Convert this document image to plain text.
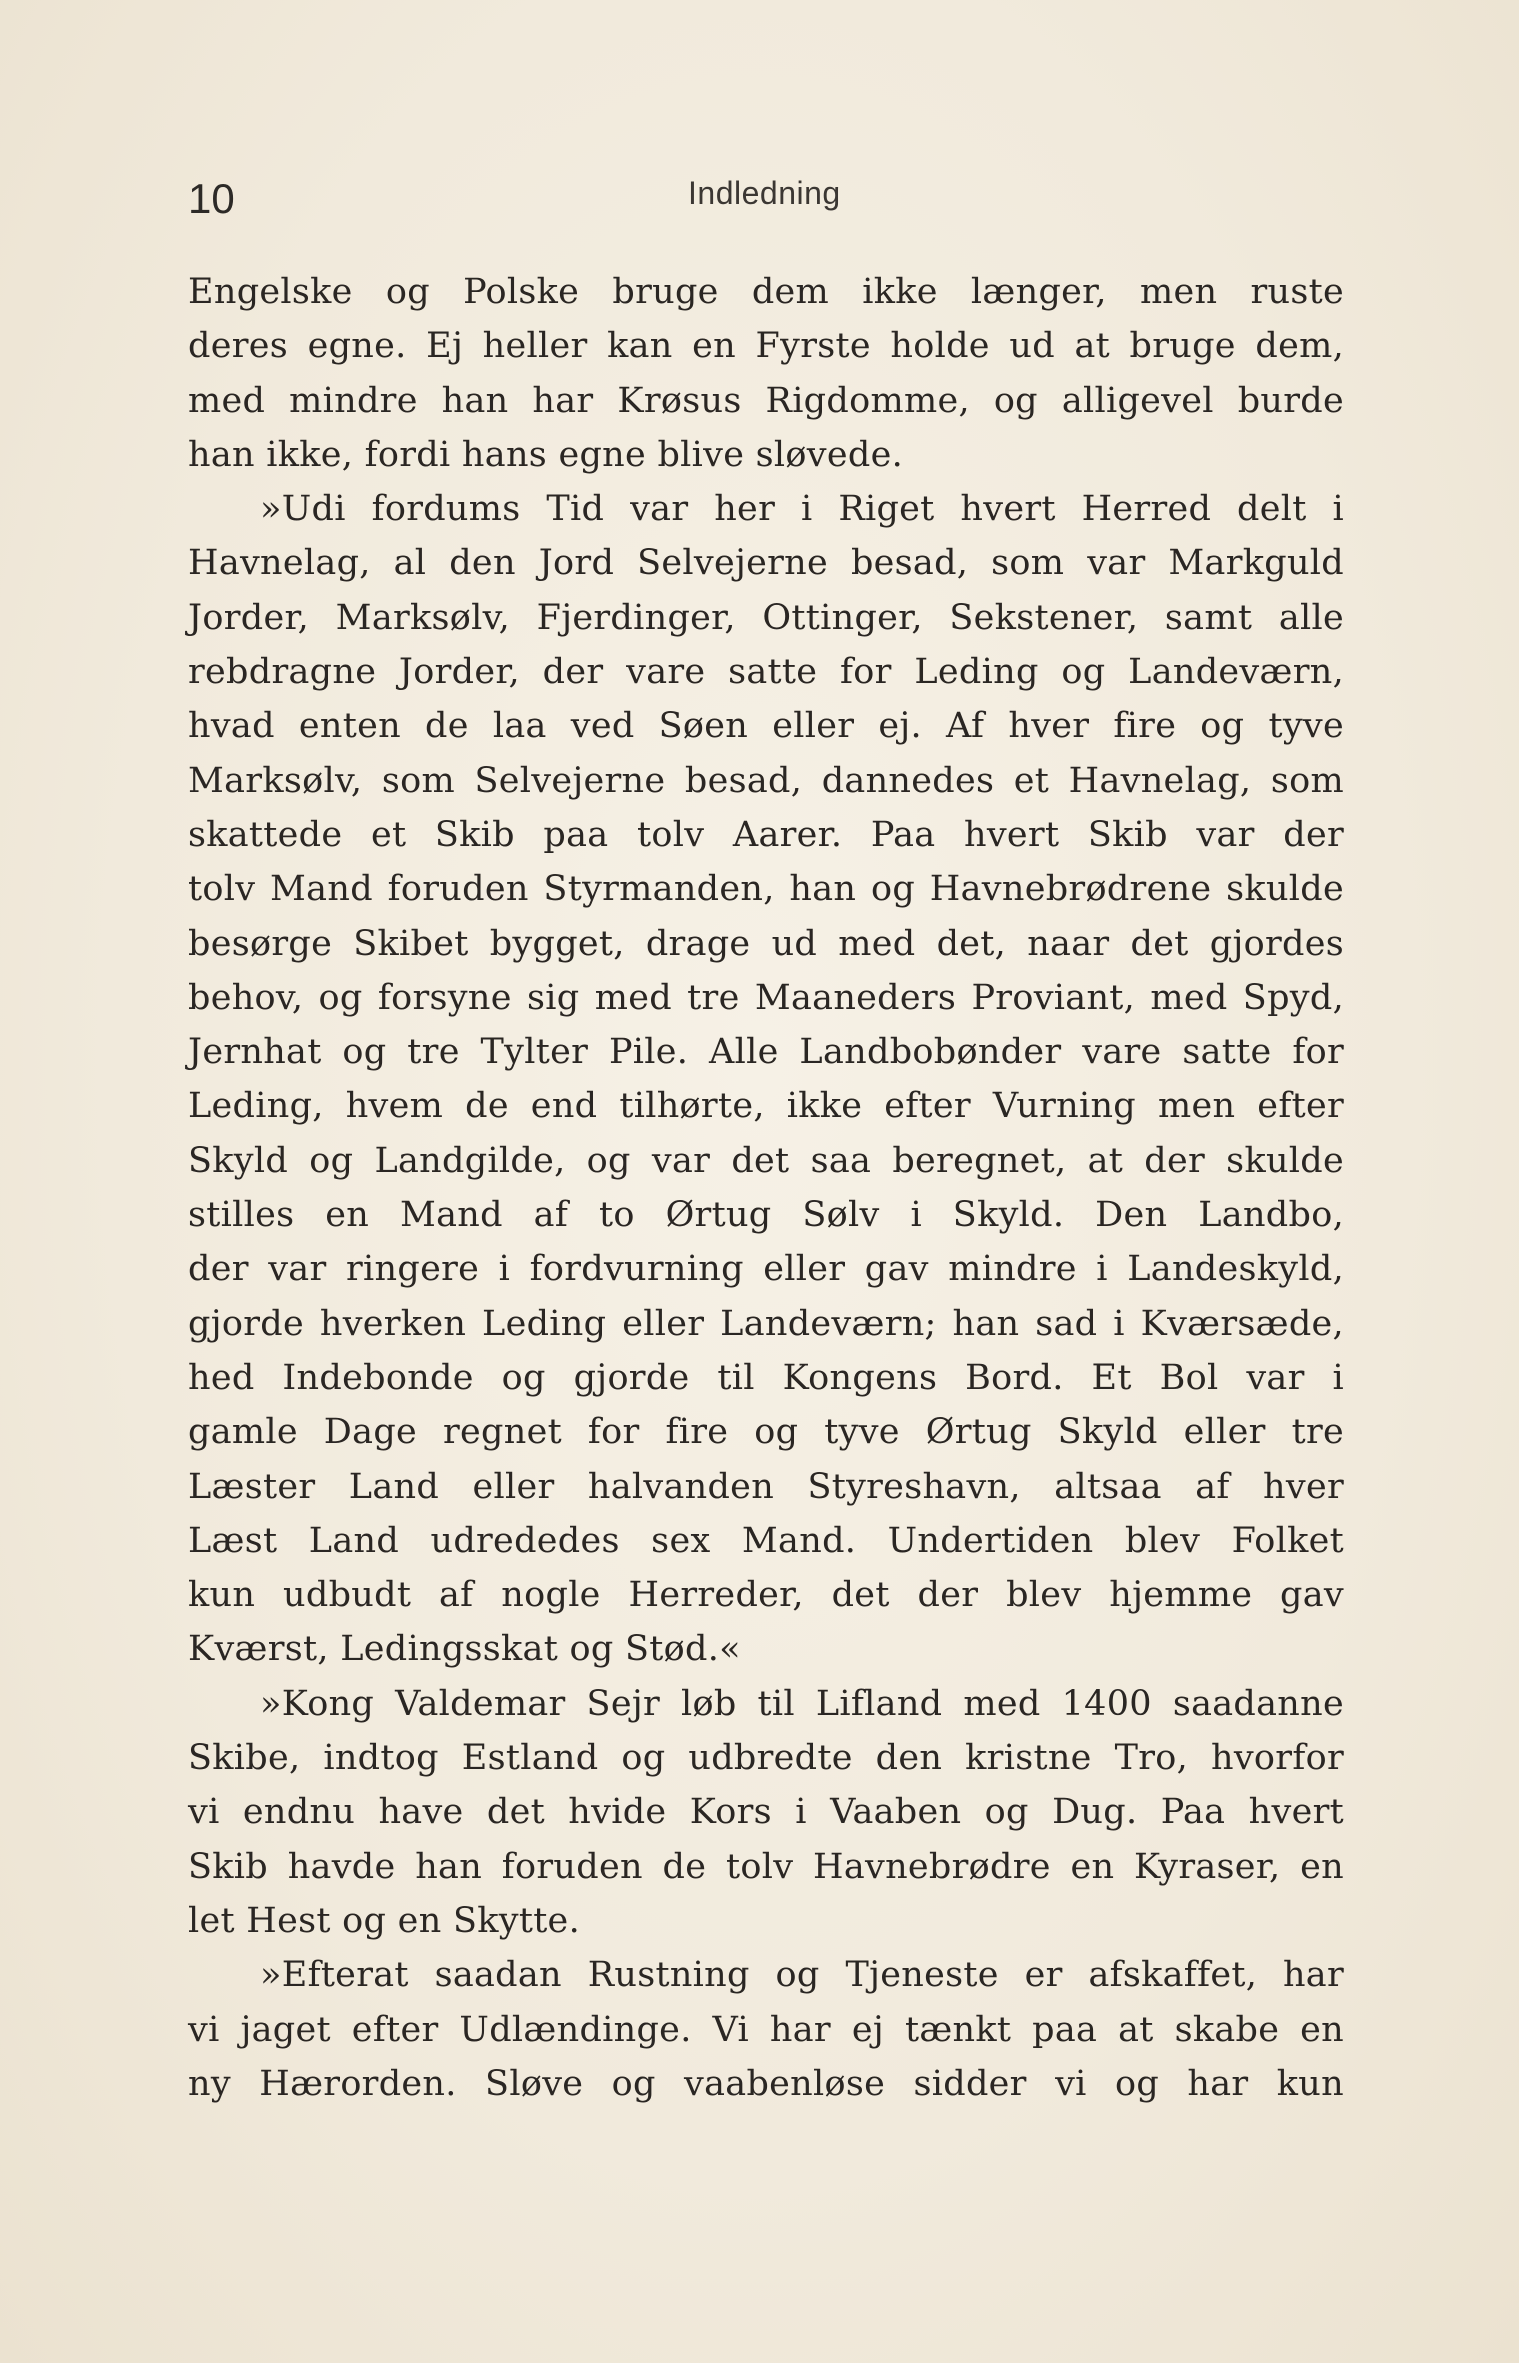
10	Indledning
Engelske og Polske bruge dem ikke længer, men ruste
deres egne. Ej heller kan en Fyrste holde ud at bruge dem,
med mindre han har Krøsus Rigdomme, og alligevel burde
han ikke, fordi hans egne blive sløvede.
»Udi fordums Tid var her i Riget hvert Herred delt i
Havnelag, al den Jord Selvejerne besad, som var Markguld
Jorder, Marksølv, Fjerdinger, Ottinger, Sekstener, samt alle
rebdragne Jorder, der vare satte for Leding og Landeværn,
hvad enten de laa ved Søen eller ej. Af hver fire og tyve
Marksølv, som Selvejerne besad, dannedes et Havnelag, som
skattede et Skib paa tolv Aarer. Paa hvert Skib var der
tolv Mand foruden Styrmanden, han og Havnebrødrene skulde
besørge Skibet bygget, drage ud med det, naar det gjordes
behov, og forsyne sig med tre Maaneders Proviant, med Spyd,
Jernhat og tre Tylter Pile. Alle Landbobønder vare satte for
Leding, hvem de end tilhørte, ikke efter Vurning men efter
Skyld og Landgilde, og var det saa beregnet, at der skulde
stilles en Mand af to Ørtug Sølv i Skyld. Den Landbo,
der var ringere i fordvurning eller gav mindre i Landeskyld,
gjorde hverken Leding eller Landeværn; han sad i Kværsæde,
hed Indebonde og gjorde til Kongens Bord. Et Bol var i
gamle Dage regnet for fire og tyve Ørtug Skyld eller tre
Læster Land eller halvanden Styreshavn, altsaa af hver
Læst Land udrededes sex Mand. Undertiden blev Folket
kun udbudt af nogle Herreder, det der blev hjemme gav
Kværst, Ledingsskat og Stød.«
»Kong Valdemar Sejr løb til Lifland med 1400 saadanne
Skibe, indtog Estland og udbredte den kristne Tro, hvorfor
vi endnu have det hvide Kors i Vaaben og Dug. Paa hvert
Skib havde han foruden de tolv Havnebrødre en Kyraser, en
let Hest og en Skytte.
»Efterat saadan Rustning og Tjeneste er afskaffet, har
vi jaget efter Udlændinge. Vi har ej tænkt paa at skabe en
ny Hærorden. Sløve og vaabenløse sidder vi og har kun
